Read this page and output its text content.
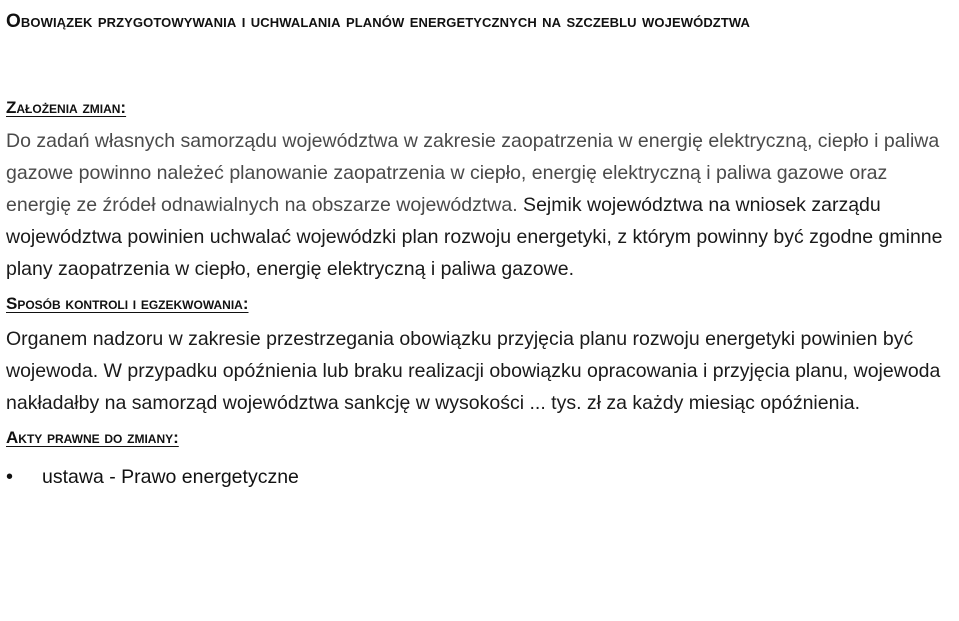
Obowiązek przygotowywania i uchwalania planów energetycznych na szczeblu województwa
Założenia zmian:

Do zadań własnych samorządu województwa w zakresie zaopatrzenia w energię elektryczną, ciepło i paliwa gazowe powinno należeć planowanie zaopatrzenia w ciepło, energię elektryczną i paliwa gazowe oraz energię ze źródeł odnawialnych na obszarze województwa. Sejmik województwa na wniosek zarządu województwa powinien uchwalać wojewódzki plan rozwoju energetyki, z którym powinny być zgodne gminne plany zaopatrzenia w ciepło, energię elektryczną i paliwa gazowe.

Sposób kontroli i egzekwowania:

Organem nadzoru w zakresie przestrzegania obowiązku przyjęcia planu rozwoju energetyki powinien być wojewoda. W przypadku opóźnienia lub braku realizacji obowiązku opracowania i przyjęcia planu, wojewoda nakładałby na samorząd województwa sankcję w wysokości ... tys. zł za każdy miesiąc opóźnienia.

Akty prawne do zmiany:
•	ustawa - Prawo energetyczne
